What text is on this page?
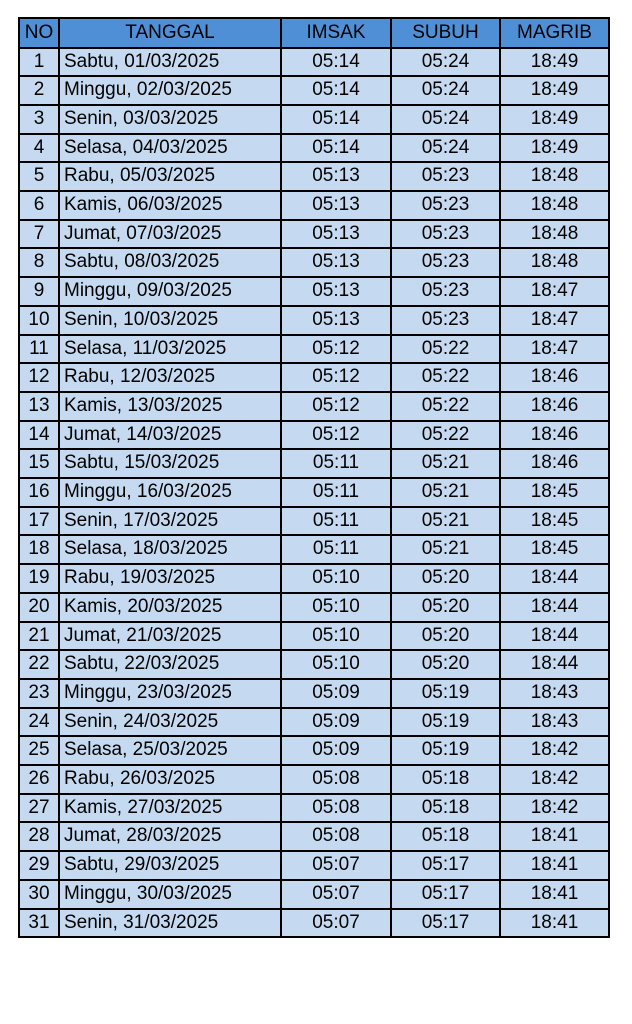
NO	TANGGAL	IMSAK	SUBUH	MAGRIB
1	Sabtu, 01/03/2025	05:14	05:24	18:49
2	Minggu, 02/03/2025	05:14	05:24	18:49
3	Senin, 03/03/2025	05:14	05:24	18:49
4	Selasa, 04/03/2025	05:14	05:24	18:49
5	Rabu, 05/03/2025	05:13	05:23	18:48
6	Kamis, 06/03/2025	05:13	05:23	18:48
7	Jumat, 07/03/2025	05:13	05:23	18:48
8	Sabtu, 08/03/2025	05:13	05:23	18:48
9	Minggu, 09/03/2025	05:13	05:23	18:47
10	Senin, 10/03/2025	05:13	05:23	18:47
11	Selasa, 11/03/2025	05:12	05:22	18:47
12	Rabu, 12/03/2025	05:12	05:22	18:46
13	Kamis, 13/03/2025	05:12	05:22	18:46
14	Jumat, 14/03/2025	05:12	05:22	18:46
15	Sabtu, 15/03/2025	05:11	05:21	18:46
16	Minggu, 16/03/2025	05:11	05:21	18:45
17	Senin, 17/03/2025	05:11	05:21	18:45
18	Selasa, 18/03/2025	05:11	05:21	18:45
19	Rabu, 19/03/2025	05:10	05:20	18:44
20	Kamis, 20/03/2025	05:10	05:20	18:44
21	Jumat, 21/03/2025	05:10	05:20	18:44
22	Sabtu, 22/03/2025	05:10	05:20	18:44
23	Minggu, 23/03/2025	05:09	05:19	18:43
24	Senin, 24/03/2025	05:09	05:19	18:43
25	Selasa, 25/03/2025	05:09	05:19	18:42
26	Rabu, 26/03/2025	05:08	05:18	18:42
27	Kamis, 27/03/2025	05:08	05:18	18:42
28	Jumat, 28/03/2025	05:08	05:18	18:41
29	Sabtu, 29/03/2025	05:07	05:17	18:41
30	Minggu, 30/03/2025	05:07	05:17	18:41
31	Senin, 31/03/2025	05:07	05:17	18:41
